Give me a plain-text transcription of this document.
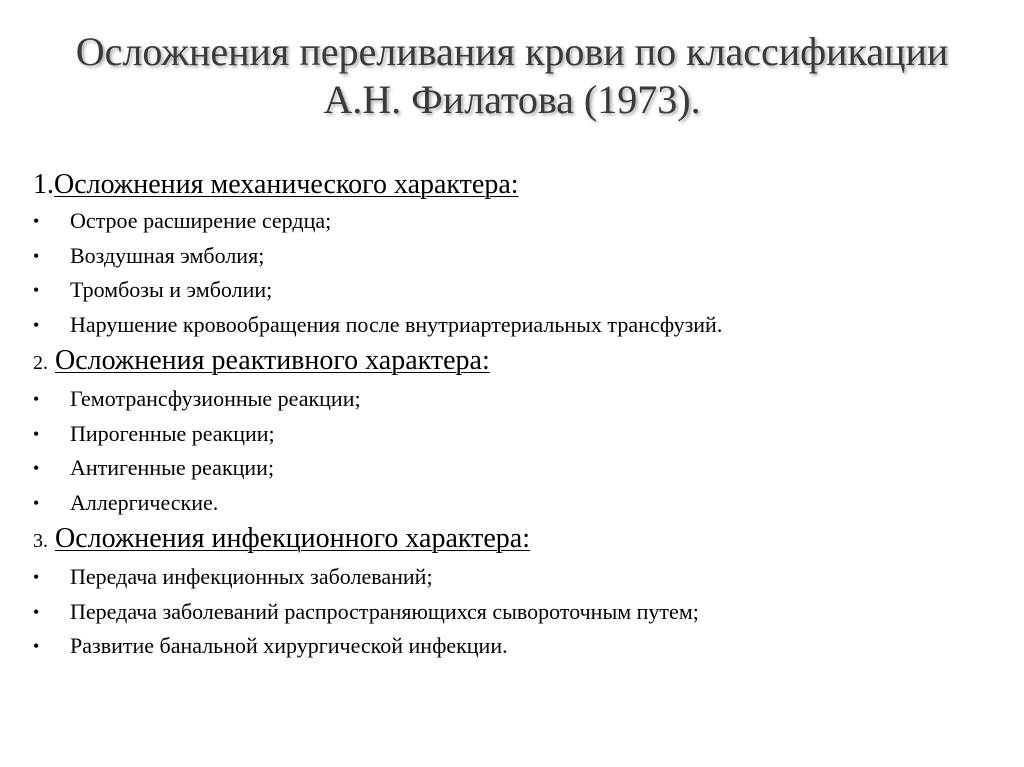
Осложнения переливания крови по классификации
А.Н. Филатова (1973).
1.Осложнения механического характера:
• Острое расширение сердца;
• Воздушная эмболия;
• Тромбозы и эмболии;
• Нарушение кровообращения после внутриартериальных трансфузий.
2. Осложнения реактивного характера:
• Гемотрансфузионные реакции;
• Пирогенные реакции;
• Антигенные реакции;
• Аллергические.
3. Осложнения инфекционного характера:
• Передача инфекционных заболеваний;
• Передача заболеваний распространяющихся сывороточным путем;
• Развитие банальной хирургической инфекции.
